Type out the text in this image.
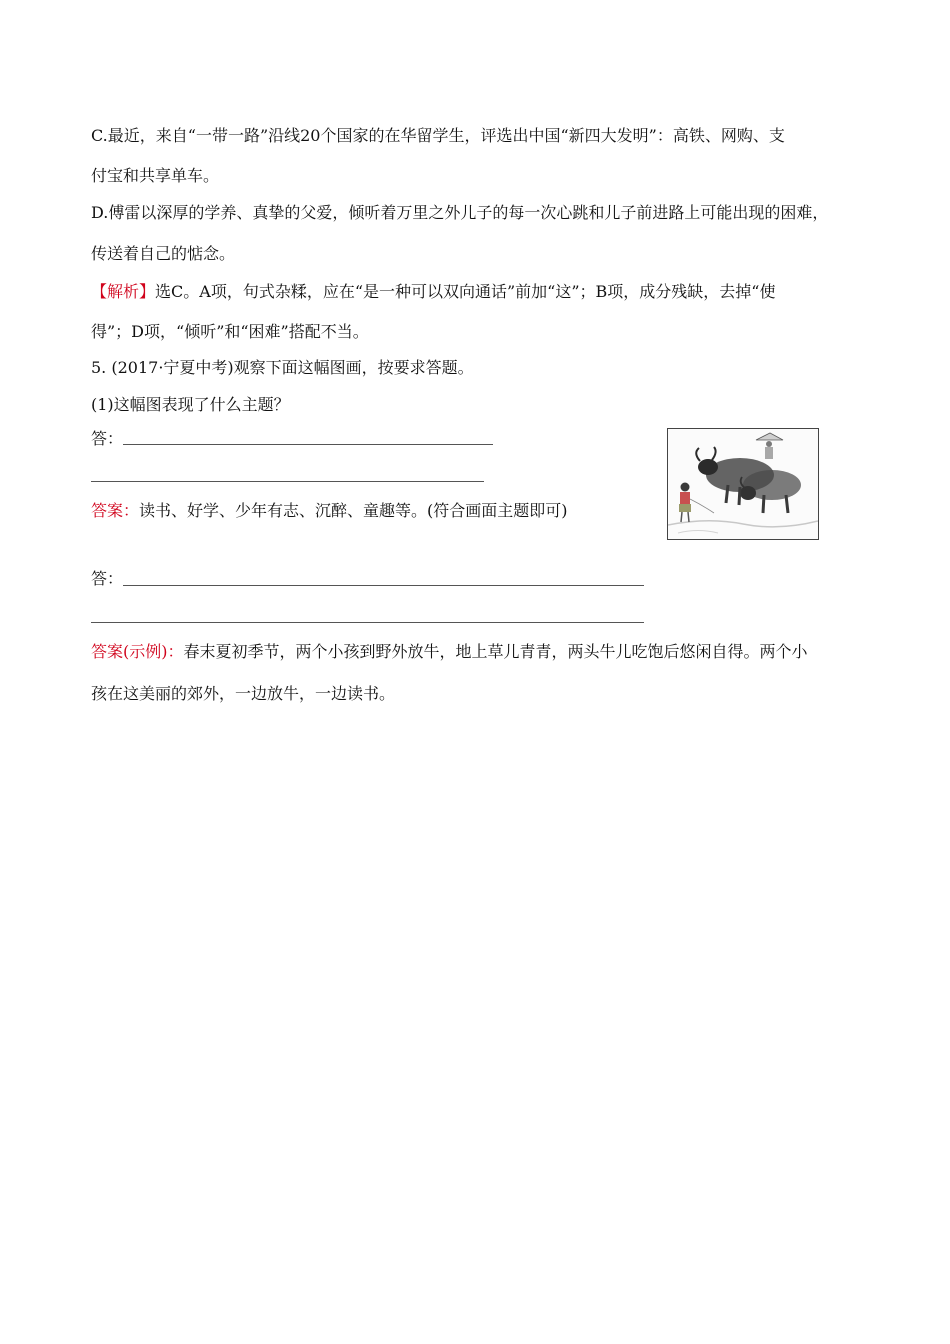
C.最近，来自“一带一路”沿线20个国家的在华留学生，评选出中国“新四大发明”：高铁、网购、支
付宝和共享单车。
D.傅雷以深厚的学养、真挚的父爱，倾听着万里之外儿子的每一次心跳和儿子前进路上可能出现的困难，
传送着自己的惦念。
【解析】选C。A项，句式杂糅，应在“是一种可以双向通话”前加“这”；B项，成分残缺，去掉“使
得”；D项，“倾听”和“困难”搭配不当。
5. (2017·宁夏中考)观察下面这幅图画，按要求答题。
(1)这幅图表现了什么主题？
答：
答案：读书、好学、少年有志、沉醉、童趣等。(符合画面主题即可)
答：
答案(示例)：春末夏初季节，两个小孩到野外放牛，地上草儿青青，两头牛儿吃饱后悠闲自得。两个小
孩在这美丽的郊外，一边放牛，一边读书。
